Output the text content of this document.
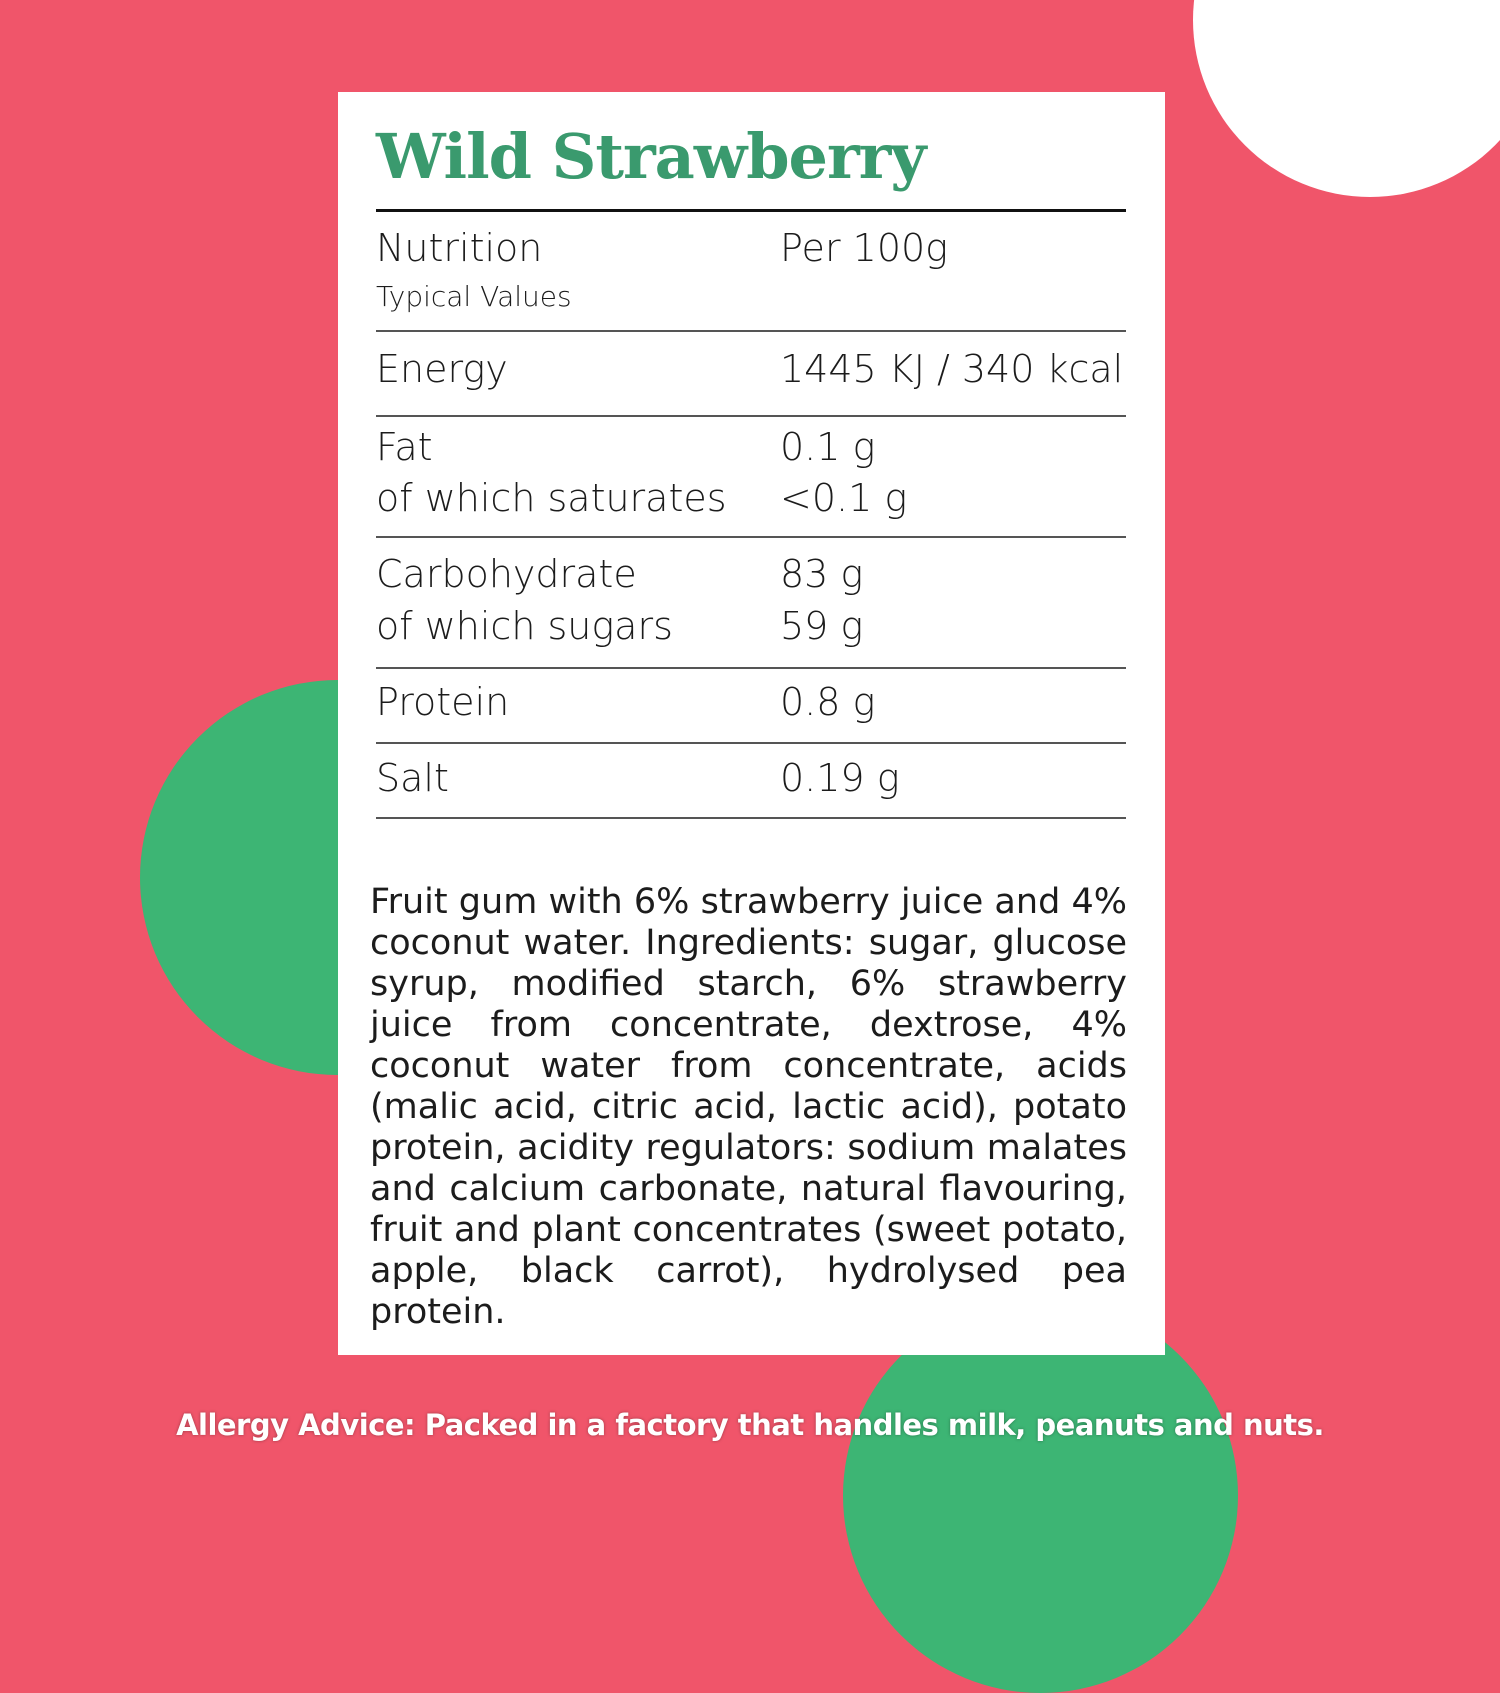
Wild Strawberry
Nutrition
Typical Values
Per 100g
Energy	1445 KJ / 340 kcal
Fat	0.1 g
of which saturates <0.1 g
Carbohydrate	83 g
of which sugars	59 g
Protein	0.8 g
Salt	0.19 g
Fruit gum with 6% strawberry juice and 4% coconut water. Ingredients: sugar, glucose syrup, modified starch, 6% strawberry juice from concentrate, dextrose, 4% coconut water from concentrate, acids (malic acid, citric acid, lactic acid), potato protein, acidity regulators: sodium malates and calcium carbonate, natural flavouring, fruit and plant concentrates (sweet potato, apple, black carrot), hydrolysed pea protein.
Allergy Advice: Packed in a factory that handles milk, peanuts and nuts.
